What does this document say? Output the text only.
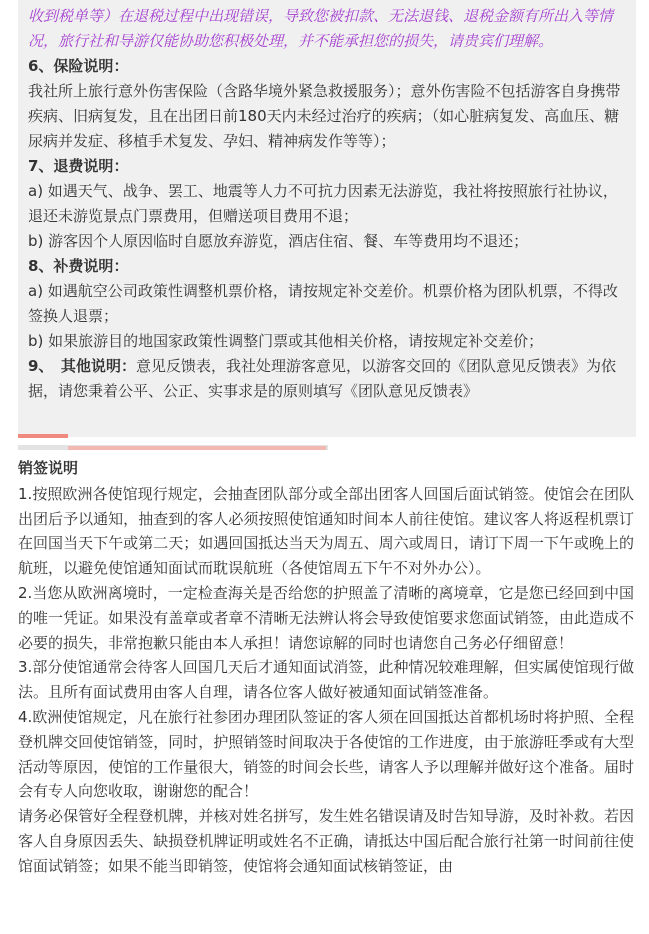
收到税单等）在退税过程中出现错误，导致您被扣款、无法退钱、退税金额有所出入等情况，旅行社和导游仅能协助您积极处理，并不能承担您的损失，请贵宾们理解。

6、保险说明：

我社所上旅行意外伤害保险（含路华境外紧急救援服务）；意外伤害险不包括游客自身携带疾病、旧病复发，且在出团日前180天内未经过治疗的疾病；（如心脏病复发、高血压、糖尿病并发症、移植手术复发、孕妇、精神病发作等等）；

7、退费说明：

a) 如遇天气、战争、罢工、地震等人力不可抗力因素无法游览，我社将按照旅行社协议，退还未游览景点门票费用，但赠送项目费用不退；

b) 游客因个人原因临时自愿放弃游览，酒店住宿、餐、车等费用均不退还；

8、补费说明：

a) 如遇航空公司政策性调整机票价格，请按规定补交差价。机票价格为团队机票，不得改签换人退票；

b) 如果旅游目的地国家政策性调整门票或其他相关价格，请按规定补交差价；

9、　其他说明：意见反馈表，我社处理游客意见，以游客交回的《团队意见反馈表》为依据，请您秉着公平、公正、实事求是的原则填写《团队意见反馈表》

销签说明

1.按照欧洲各使馆现行规定，会抽查团队部分或全部出团客人回国后面试销签。使馆会在团队出团后予以通知，抽查到的客人必须按照使馆通知时间本人前往使馆。建议客人将返程机票订在回国当天下午或第二天；如遇回国抵达当天为周五、周六或周日，请订下周一下午或晚上的航班，以避免使馆通知面试而耽误航班（各使馆周五下午不对外办公）。

2.当您从欧洲离境时，一定检查海关是否给您的护照盖了清晰的离境章，它是您已经回到中国的唯一凭证。如果没有盖章或者章不清晰无法辨认将会导致使馆要求您面试销签，由此造成不必要的损失，非常抱歉只能由本人承担！请您谅解的同时也请您自己务必仔细留意！

3.部分使馆通常会待客人回国几天后才通知面试消签，此种情况较难理解，但实属使馆现行做法。且所有面试费用由客人自理，请各位客人做好被通知面试销签准备。

4.欧洲使馆规定，凡在旅行社参团办理团队签证的客人须在回国抵达首都机场时将护照、全程登机牌交回使馆销签，同时，护照销签时间取决于各使馆的工作进度，由于旅游旺季或有大型活动等原因，使馆的工作量很大，销签的时间会长些，请客人予以理解并做好这个准备。届时会有专人向您收取，谢谢您的配合！

请务必保管好全程登机牌，并核对姓名拼写，发生姓名错误请及时告知导游，及时补救。若因客人自身原因丢失、缺损登机牌证明或姓名不正确，请抵达中国后配合旅行社第一时间前往使馆面试销签；如果不能当即销签，使馆将会通知面试核销签证，由
